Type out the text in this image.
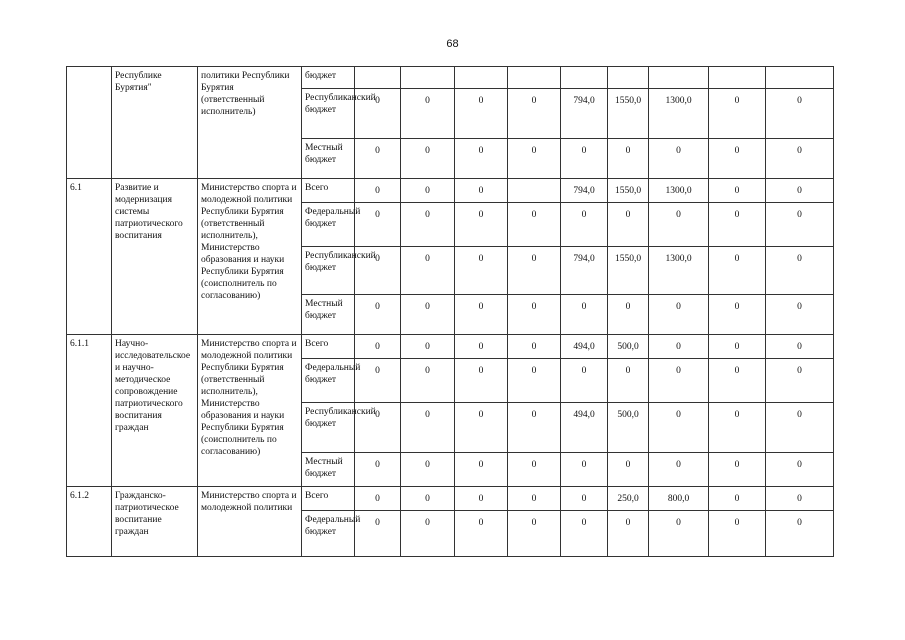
68
	Республике Бурятия"	политики Республики Бурятия (ответственный исполнитель)	бюджет									
			Республиканский бюджет	0	0	0	0	794,0	1550,0	1300,0	0	0
			Местный бюджет	0	0	0	0	0	0	0	0	0
6.1	Развитие и модернизация системы патриотического воспитания	Министерство спорта и молодежной политики Республики Бурятия (ответственный исполнитель), Министерство образования и науки Республики Бурятия (соисполнитель по согласованию)	Всего	0	0	0		794,0	1550,0	1300,0	0	0
			Федеральный бюджет	0	0	0	0	0	0	0	0	0
			Республиканский бюджет	0	0	0	0	794,0	1550,0	1300,0	0	0
			Местный бюджет	0	0	0	0	0	0	0	0	0
6.1.1	Научно-исследовательское и научно-методическое сопровождение патриотического воспитания граждан	Министерство спорта и молодежной политики Республики Бурятия (ответственный исполнитель), Министерство образования и науки Республики Бурятия (соисполнитель по согласованию)	Всего	0	0	0	0	494,0	500,0	0	0	0
			Федеральный бюджет	0	0	0	0	0	0	0	0	0
			Республиканский бюджет	0	0	0	0	494,0	500,0	0	0	0
			Местный бюджет	0	0	0	0	0	0	0	0	0
6.1.2	Гражданско-патриотическое воспитание граждан	Министерство спорта и молодежной политики	Всего	0	0	0	0	0	250,0	800,0	0	0
			Федеральный бюджет	0	0	0	0	0	0	0	0	0
